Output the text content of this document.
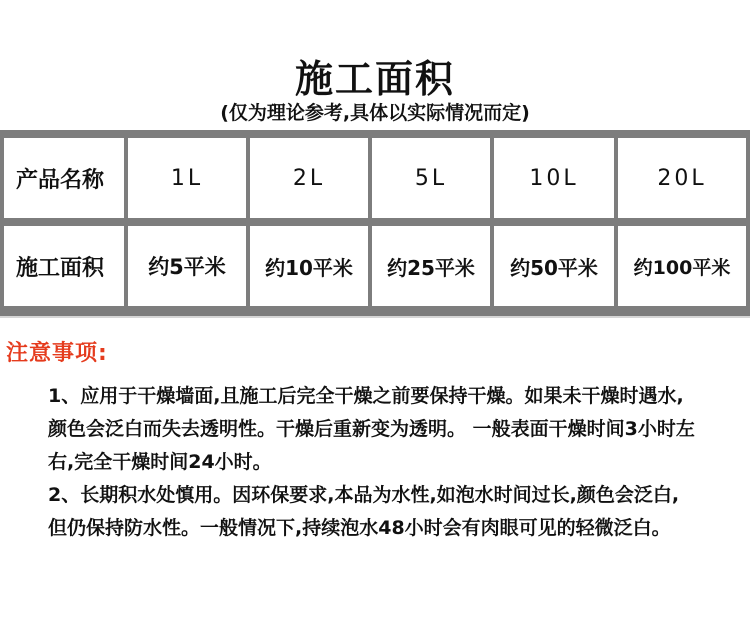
施工面积
(仅为理论参考,具体以实际情况而定)
产品名称	1L	2L	5L	10L	20L
施工面积	约5平米	约10平米	约25平米	约50平米	约100平米
注意事项:

1、应用于干燥墙面,且施工后完全干燥之前要保持干燥。如果未干燥时遇水,颜色会泛白而失去透明性。干燥后重新变为透明。 一般表面干燥时间3小时左右,完全干燥时间24小时。

2、长期积水处慎用。因环保要求,本品为水性,如泡水时间过长,颜色会泛白,但仍保持防水性。一般情况下,持续泡水48小时会有肉眼可见的轻微泛白。
